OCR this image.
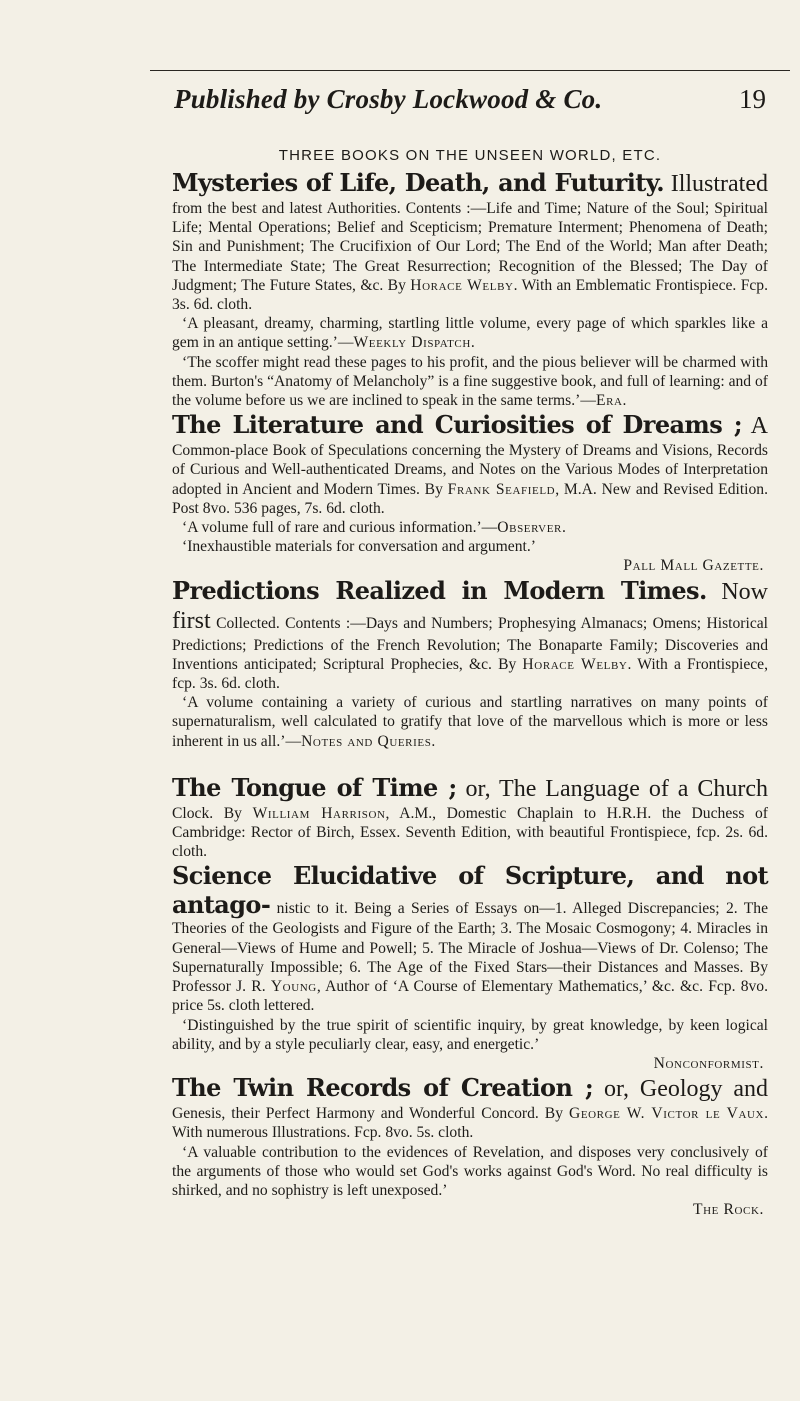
Published by Crosby Lockwood & Co.	19

THREE BOOKS ON THE UNSEEN WORLD, ETC.

Mysteries of Life, Death, and Futurity. Illustrated from the best and latest Authorities. Contents :—Life and Time; Nature of the Soul; Spiritual Life; Mental Operations; Belief and Scepticism; Premature Interment; Phenomena of Death; Sin and Punishment; The Crucifixion of Our Lord; The End of the World; Man after Death; The Intermediate State; The Great Resurrection; Recognition of the Blessed; The Day of Judgment; The Future States, &c. By Horace Welby. With an Emblematic Frontispiece. Fcp. 3s. 6d. cloth.

‘A pleasant, dreamy, charming, startling little volume, every page of which sparkles like a gem in an antique setting.’—Weekly Dispatch.

‘The scoffer might read these pages to his profit, and the pious believer will be charmed with them. Burton's “Anatomy of Melancholy” is a fine suggestive book, and full of learning: and of the volume before us we are inclined to speak in the same terms.’—Era.

The Literature and Curiosities of Dreams ; A Common-place Book of Speculations concerning the Mystery of Dreams and Visions, Records of Curious and Well-authenticated Dreams, and Notes on the Various Modes of Interpretation adopted in Ancient and Modern Times. By Frank Seafield, M.A. New and Revised Edition. Post 8vo. 536 pages, 7s. 6d. cloth.

‘A volume full of rare and curious information.’—Observer.

‘Inexhaustible materials for conversation and argument.’

Pall Mall Gazette.

Predictions Realized in Modern Times. Now first Collected. Contents :—Days and Numbers; Prophesying Almanacs; Omens; Historical Predictions; Predictions of the French Revolution; The Bonaparte Family; Discoveries and Inventions anticipated; Scriptural Prophecies, &c. By Horace Welby. With a Frontispiece, fcp. 3s. 6d. cloth.

‘A volume containing a variety of curious and startling narratives on many points of supernaturalism, well calculated to gratify that love of the marvellous which is more or less inherent in us all.’—Notes and Queries.

The Tongue of Time ; or, The Language of a Church Clock. By William Harrison, A.M., Domestic Chaplain to H.R.H. the Duchess of Cambridge: Rector of Birch, Essex. Seventh Edition, with beautiful Frontispiece, fcp. 2s. 6d. cloth.

Science Elucidative of Scripture, and not antago- nistic to it. Being a Series of Essays on—1. Alleged Discrepancies; 2. The Theories of the Geologists and Figure of the Earth; 3. The Mosaic Cosmogony; 4. Miracles in General—Views of Hume and Powell; 5. The Miracle of Joshua—Views of Dr. Colenso; The Supernaturally Impossible; 6. The Age of the Fixed Stars—their Distances and Masses. By Professor J. R. Young, Author of ‘A Course of Elementary Mathematics,’ &c. &c. Fcp. 8vo. price 5s. cloth lettered.

‘Distinguished by the true spirit of scientific inquiry, by great knowledge, by keen logical ability, and by a style peculiarly clear, easy, and energetic.’

Nonconformist.

The Twin Records of Creation ; or, Geology and Genesis, their Perfect Harmony and Wonderful Concord. By George W. Victor le Vaux. With numerous Illustrations. Fcp. 8vo. 5s. cloth.

‘A valuable contribution to the evidences of Revelation, and disposes very conclusively of the arguments of those who would set God's works against God's Word. No real difficulty is shirked, and no sophistry is left unexposed.’

The Rock.
